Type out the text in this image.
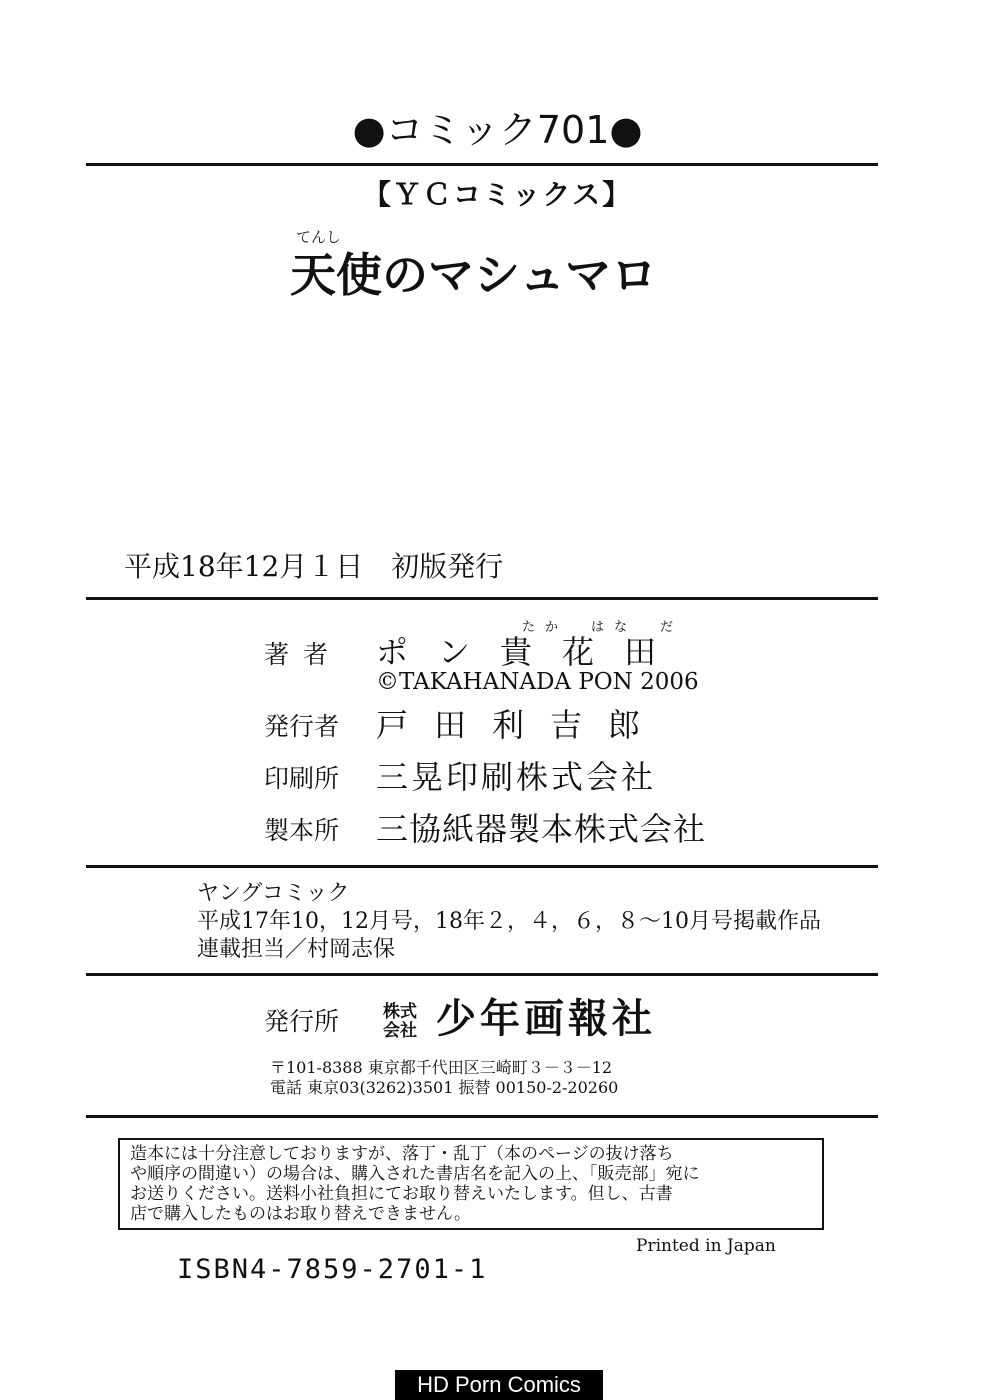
●コミック701●
【ＹＣコミックス】
てんし
天使のマシュマロ
平成18年12月１日　初版発行
たか　はな　だ
著者 ポン貴花田
©TAKAHANADA PON 2006
発行者 戸田利吉郎
印刷所 三晃印刷株式会社
製本所 三協紙器製本株式会社
ヤングコミック
平成17年10，12月号，18年２，４，６，８～10月号掲載作品
連載担当／村岡志保
発行所	株式
会社 少年画報社
〒101-8388 東京都千代田区三崎町３－３－12
電話 東京03(3262)3501 振替 00150-2-20260
造本には十分注意しておりますが、落丁・乱丁（本のページの抜け落ち
や順序の間違い）の場合は、購入された書店名を記入の上、「販売部」宛に
お送りください。送料小社負担にてお取り替えいたします。但し、古書
店で購入したものはお取り替えできません。
Printed in Japan
ISBN4-7859-2701-1
HD Porn Comics
